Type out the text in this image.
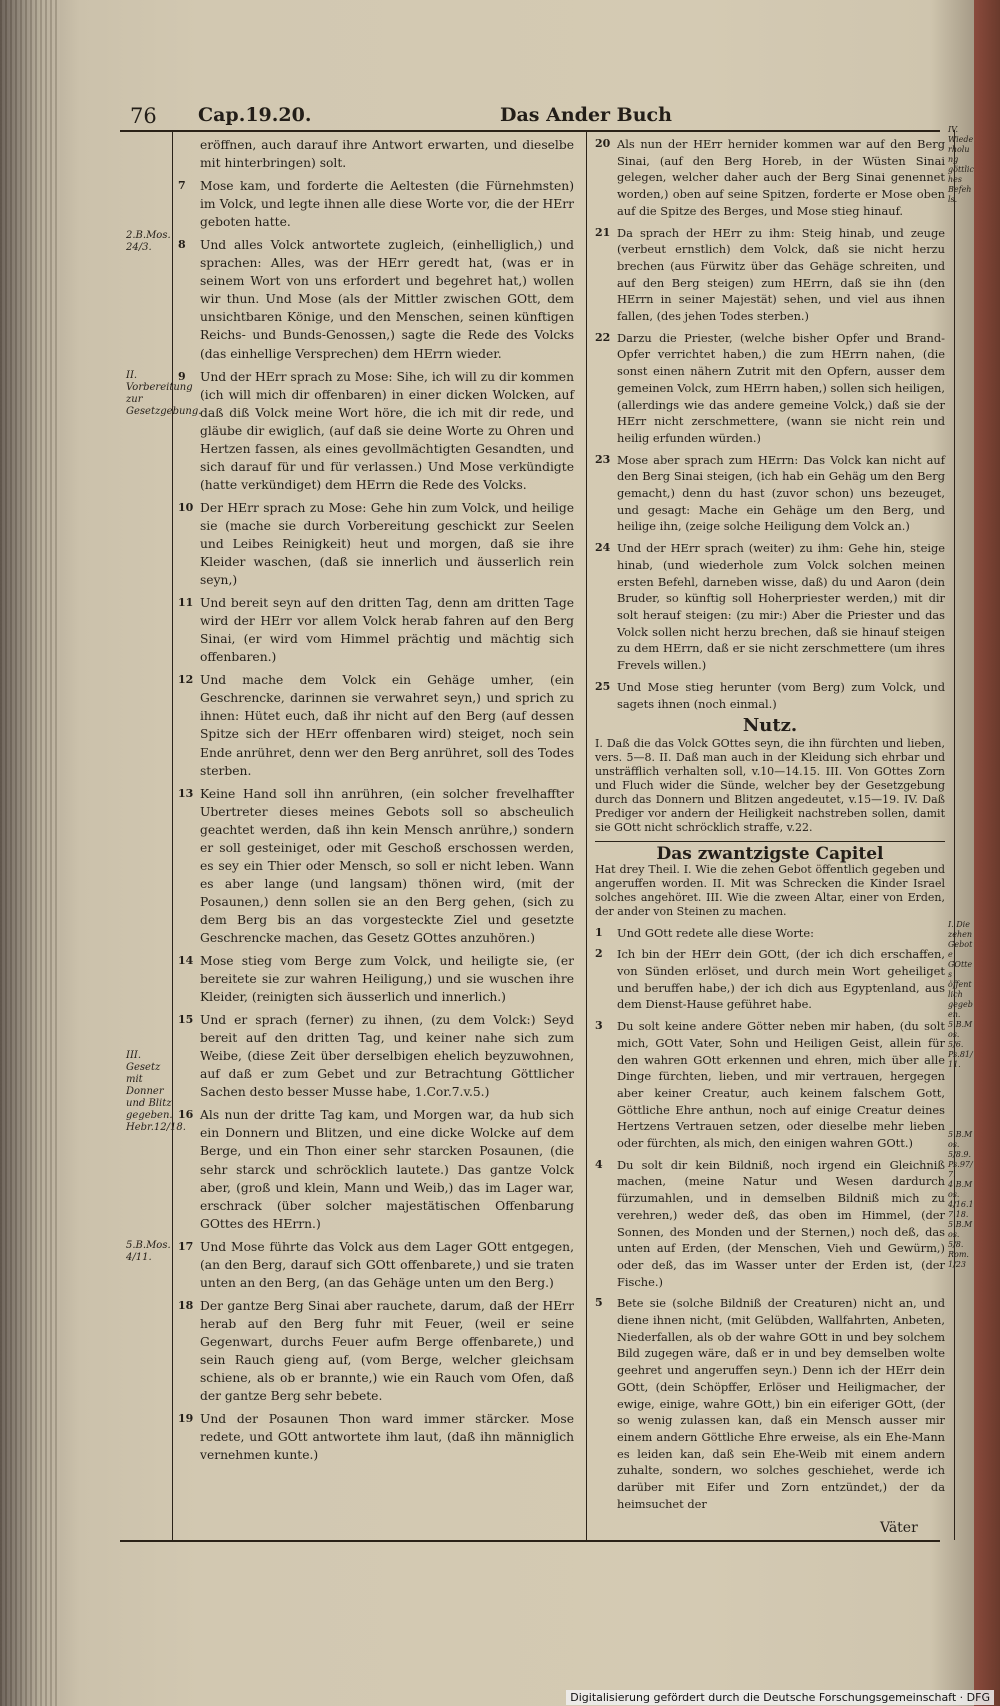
76 Cap.19.20.	Das Ander Buch
eröffnen, auch darauf ihre Antwort erwarten, und dieselbe mit hinterbringen) solt.
7 Mose kam, und forderte die Aeltesten (die Fürnehmsten) im Volck, und legte ihnen alle diese Worte vor, die der HErr geboten hatte.
8 Und alles Volck antwortete zugleich, (einhelliglich,) und sprachen: Alles, was der HErr geredt hat, (was er in seinem Wort von uns erfordert und begehret hat,) wollen wir thun. Und Mose (als der Mittler zwischen GOtt, dem unsichtbaren Könige, und den Menschen, seinen künftigen Reichs- und Bunds-Genossen,) sagte die Rede des Volcks (das einhellige Versprechen) dem HErrn wieder.
9 Und der HErr sprach zu Mose: Sihe, ich will zu dir kommen (ich will mich dir offenbaren) in einer dicken Wolcken, auf daß diß Volck meine Wort höre, die ich mit dir rede, und gläube dir ewiglich, (auf daß sie deine Worte zu Ohren und Hertzen fassen, als eines gevollmächtigten Gesandten, und sich darauf für und für verlassen.) Und Mose verkündigte (hatte verkündiget) dem HErrn die Rede des Volcks.
10 Der HErr sprach zu Mose: Gehe hin zum Volck, und heilige sie (mache sie durch Vorbereitung geschickt zur Seelen und Leibes Reinigkeit) heut und morgen, daß sie ihre Kleider waschen, (daß sie innerlich und äusserlich rein seyn,)
11 Und bereit seyn auf den dritten Tag, denn am dritten Tage wird der HErr vor allem Volck herab fahren auf den Berg Sinai, (er wird vom Himmel prächtig und mächtig sich offenbaren.)
12 Und mache dem Volck ein Gehäge umher, (ein Geschrencke, darinnen sie verwahret seyn,) und sprich zu ihnen: Hütet euch, daß ihr nicht auf den Berg (auf dessen Spitze sich der HErr offenbaren wird) steiget, noch sein Ende anrühret, denn wer den Berg anrühret, soll des Todes sterben.
13 Keine Hand soll ihn anrühren, (ein solcher frevelhaffter Ubertreter dieses meines Gebots soll so abscheulich geachtet werden, daß ihn kein Mensch anrühre,) sondern er soll gesteiniget, oder mit Geschoß erschossen werden, es sey ein Thier oder Mensch, so soll er nicht leben. Wann es aber lange (und langsam) thönen wird, (mit der Posaunen,) denn sollen sie an den Berg gehen, (sich zu dem Berg bis an das vorgesteckte Ziel und gesetzte Geschrencke machen, das Gesetz GOttes anzuhören.)
14 Mose stieg vom Berge zum Volck, und heiligte sie, (er bereitete sie zur wahren Heiligung,) und sie wuschen ihre Kleider, (reinigten sich äusserlich und innerlich.)
15 Und er sprach (ferner) zu ihnen, (zu dem Volck:) Seyd bereit auf den dritten Tag, und keiner nahe sich zum Weibe, (diese Zeit über derselbigen ehelich beyzuwohnen, auf daß er zum Gebet und zur Betrachtung Göttlicher Sachen desto besser Musse habe, 1.Cor.7.v.5.)
16 Als nun der dritte Tag kam, und Morgen war, da hub sich ein Donnern und Blitzen, und eine dicke Wolcke auf dem Berge, und ein Thon einer sehr starcken Posaunen, (die sehr starck und schröcklich lautete.) Das gantze Volck aber, (groß und klein, Mann und Weib,) das im Lager war, erschrack (über solcher majestätischen Offenbarung GOttes des HErrn.)
17 Und Mose führte das Volck aus dem Lager GOtt entgegen, (an den Berg, darauf sich GOtt offenbarete,) und sie traten unten an den Berg, (an das Gehäge unten um den Berg.)
18 Der gantze Berg Sinai aber rauchete, darum, daß der HErr herab auf den Berg fuhr mit Feuer, (weil er seine Gegenwart, durchs Feuer aufm Berge offenbarete,) und sein Rauch gieng auf, (vom Berge, welcher gleichsam schiene, als ob er brannte,) wie ein Rauch vom Ofen, daß der gantze Berg sehr bebete.
19 Und der Posaunen Thon ward immer stärcker. Mose redete, und GOtt antwortete ihm laut, (daß ihn männiglich vernehmen kunte.)
20 Als nun der HErr hernider kommen war auf den Berg Sinai, (auf den Berg Horeb, in der Wüsten Sinai gelegen, welcher daher auch der Berg Sinai genennet worden,) oben auf seine Spitzen, forderte er Mose oben auf die Spitze des Berges, und Mose stieg hinauf.
21 Da sprach der HErr zu ihm: Steig hinab, und zeuge (verbeut ernstlich) dem Volck, daß sie nicht herzu brechen (aus Fürwitz über das Gehäge schreiten, und auf den Berg steigen) zum HErrn, daß sie ihn (den HErrn in seiner Majestät) sehen, und viel aus ihnen fallen, (des jehen Todes sterben.)
22 Darzu die Priester, (welche bisher Opfer und Brand-Opfer verrichtet haben,) die zum HErrn nahen, (die sonst einen nähern Zutrit mit den Opfern, ausser dem gemeinen Volck, zum HErrn haben,) sollen sich heiligen, (allerdings wie das andere gemeine Volck,) daß sie der HErr nicht zerschmettere, (wann sie nicht rein und heilig erfunden würden.)
23 Mose aber sprach zum HErrn: Das Volck kan nicht auf den Berg Sinai steigen, (ich hab ein Gehäg um den Berg gemacht,) denn du hast (zuvor schon) uns bezeuget, und gesagt: Mache ein Gehäge um den Berg, und heilige ihn, (zeige solche Heiligung dem Volck an.)
24 Und der HErr sprach (weiter) zu ihm: Gehe hin, steige hinab, (und wiederhole zum Volck solchen meinen ersten Befehl, darneben wisse, daß) du und Aaron (dein Bruder, so künftig soll Hoherpriester werden,) mit dir solt herauf steigen: (zu mir:) Aber die Priester und das Volck sollen nicht herzu brechen, daß sie hinauf steigen zu dem HErrn, daß er sie nicht zerschmettere (um ihres Frevels willen.)
25 Und Mose stieg herunter (vom Berg) zum Volck, und sagets ihnen (noch einmal.)
Nutz.
I. Daß die das Volck GOttes seyn, die ihn fürchten und lieben, vers. 5—8. II. Daß man auch in der Kleidung sich ehrbar und unsträfflich verhalten soll, v.10—14.15. III. Von GOttes Zorn und Fluch wider die Sünde, welcher bey der Gesetzgebung durch das Donnern und Blitzen angedeutet, v.15—19. IV. Daß Prediger vor andern der Heiligkeit nachstreben sollen, damit sie GOtt nicht schröcklich straffe, v.22.
Das zwantzigste Capitel
Hat drey Theil. I. Wie die zehen Gebot öffentlich gegeben und angeruffen worden. II. Mit was Schrecken die Kinder Israel solches angehöret. III. Wie die zween Altar, einer von Erden, der ander von Steinen zu machen.
1 Und GOtt redete alle diese Worte:
2 Ich bin der HErr dein GOtt, (der ich dich erschaffen, von Sünden erlöset, und durch mein Wort geheiliget und beruffen habe,) der ich dich aus Egyptenland, aus dem Dienst-Hause geführet habe.
3 Du solt keine andere Götter neben mir haben, (du solt mich, GOtt Vater, Sohn und Heiligen Geist, allein für den wahren GOtt erkennen und ehren, mich über alle Dinge fürchten, lieben, und mir vertrauen, hergegen aber keiner Creatur, auch keinem falschem Gott, Göttliche Ehre anthun, noch auf einige Creatur deines Hertzens Vertrauen setzen, oder dieselbe mehr lieben oder fürchten, als mich, den einigen wahren GOtt.)
4 Du solt dir kein Bildniß, noch irgend ein Gleichniß machen, (meine Natur und Wesen dardurch fürzumahlen, und in demselben Bildniß mich zu verehren,) weder deß, das oben im Himmel, (der Sonnen, des Monden und der Sternen,) noch deß, das unten auf Erden, (der Menschen, Vieh und Gewürm,) oder deß, das im Wasser unter der Erden ist, (der Fische.)
5 Bete sie (solche Bildniß der Creaturen) nicht an, und diene ihnen nicht, (mit Gelübden, Wallfahrten, Anbeten, Niederfallen, als ob der wahre GOtt in und bey solchem Bild zugegen wäre, daß er in und bey demselben wolte geehret und angeruffen seyn.) Denn ich der HErr dein GOtt, (dein Schöpffer, Erlöser und Heiligmacher, der ewige, einige, wahre GOtt,) bin ein eiferiger GOtt, (der so wenig zulassen kan, daß ein Mensch ausser mir einem andern Göttliche Ehre erweise, als ein Ehe-Mann es leiden kan, daß sein Ehe-Weib mit einem andern zuhalte, sondern, wo solches geschiehet, werde ich darüber mit Eifer und Zorn entzündet,) der da heimsuchet der
2.B.Mos. 24/3.
II. Vorbereitung zur Gesetzgebung.
III. Gesetz mit Donner und Blitz gegeben. Hebr.12/18.
5.B.Mos. 4/11.
IV. Wiederholung göttliches Befehls.
I. Die zehen Gebote GOttes öffentlich gegeben. 5.B.Mos. 5/6. Ps.81/11.
5.B.Mos. 5/8.9. Ps.97/7. 4.B.Mos. 4/16.17.18. 5.B.Mos. 5/8. Rom.1/23
Väter
Digitalisierung gefördert durch die Deutsche Forschungsgemeinschaft · DFG
